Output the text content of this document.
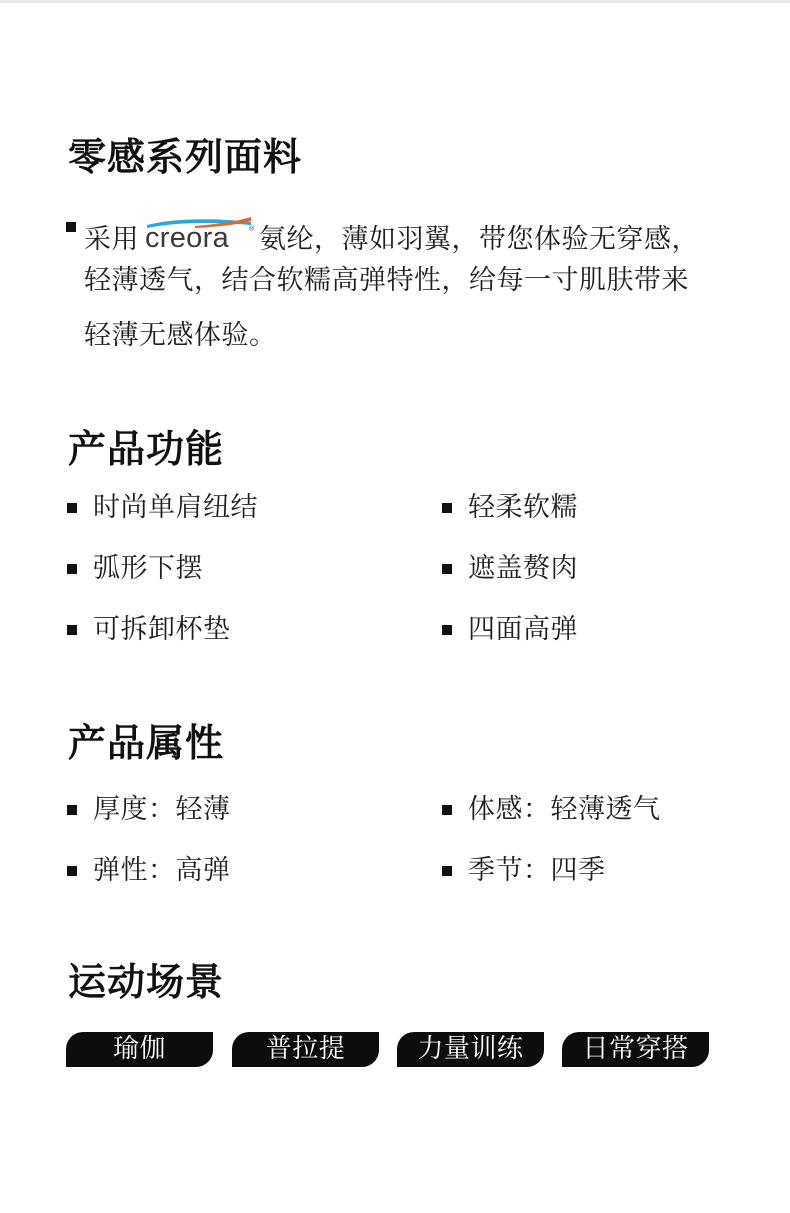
零感系列面料
采用 creora	® 氨纶，薄如羽翼，带您体验无穿感，
轻薄透气，结合软糯高弹特性，给每一寸肌肤带来
轻薄无感体验。
产品功能
时尚单肩纽结	轻柔软糯
弧形下摆	遮盖赘肉
可拆卸杯垫	四面高弹
产品属性
厚度：轻薄	体感：轻薄透气
弹性：高弹	季节：四季
运动场景
瑜伽	普拉提	力量训练	日常穿搭
